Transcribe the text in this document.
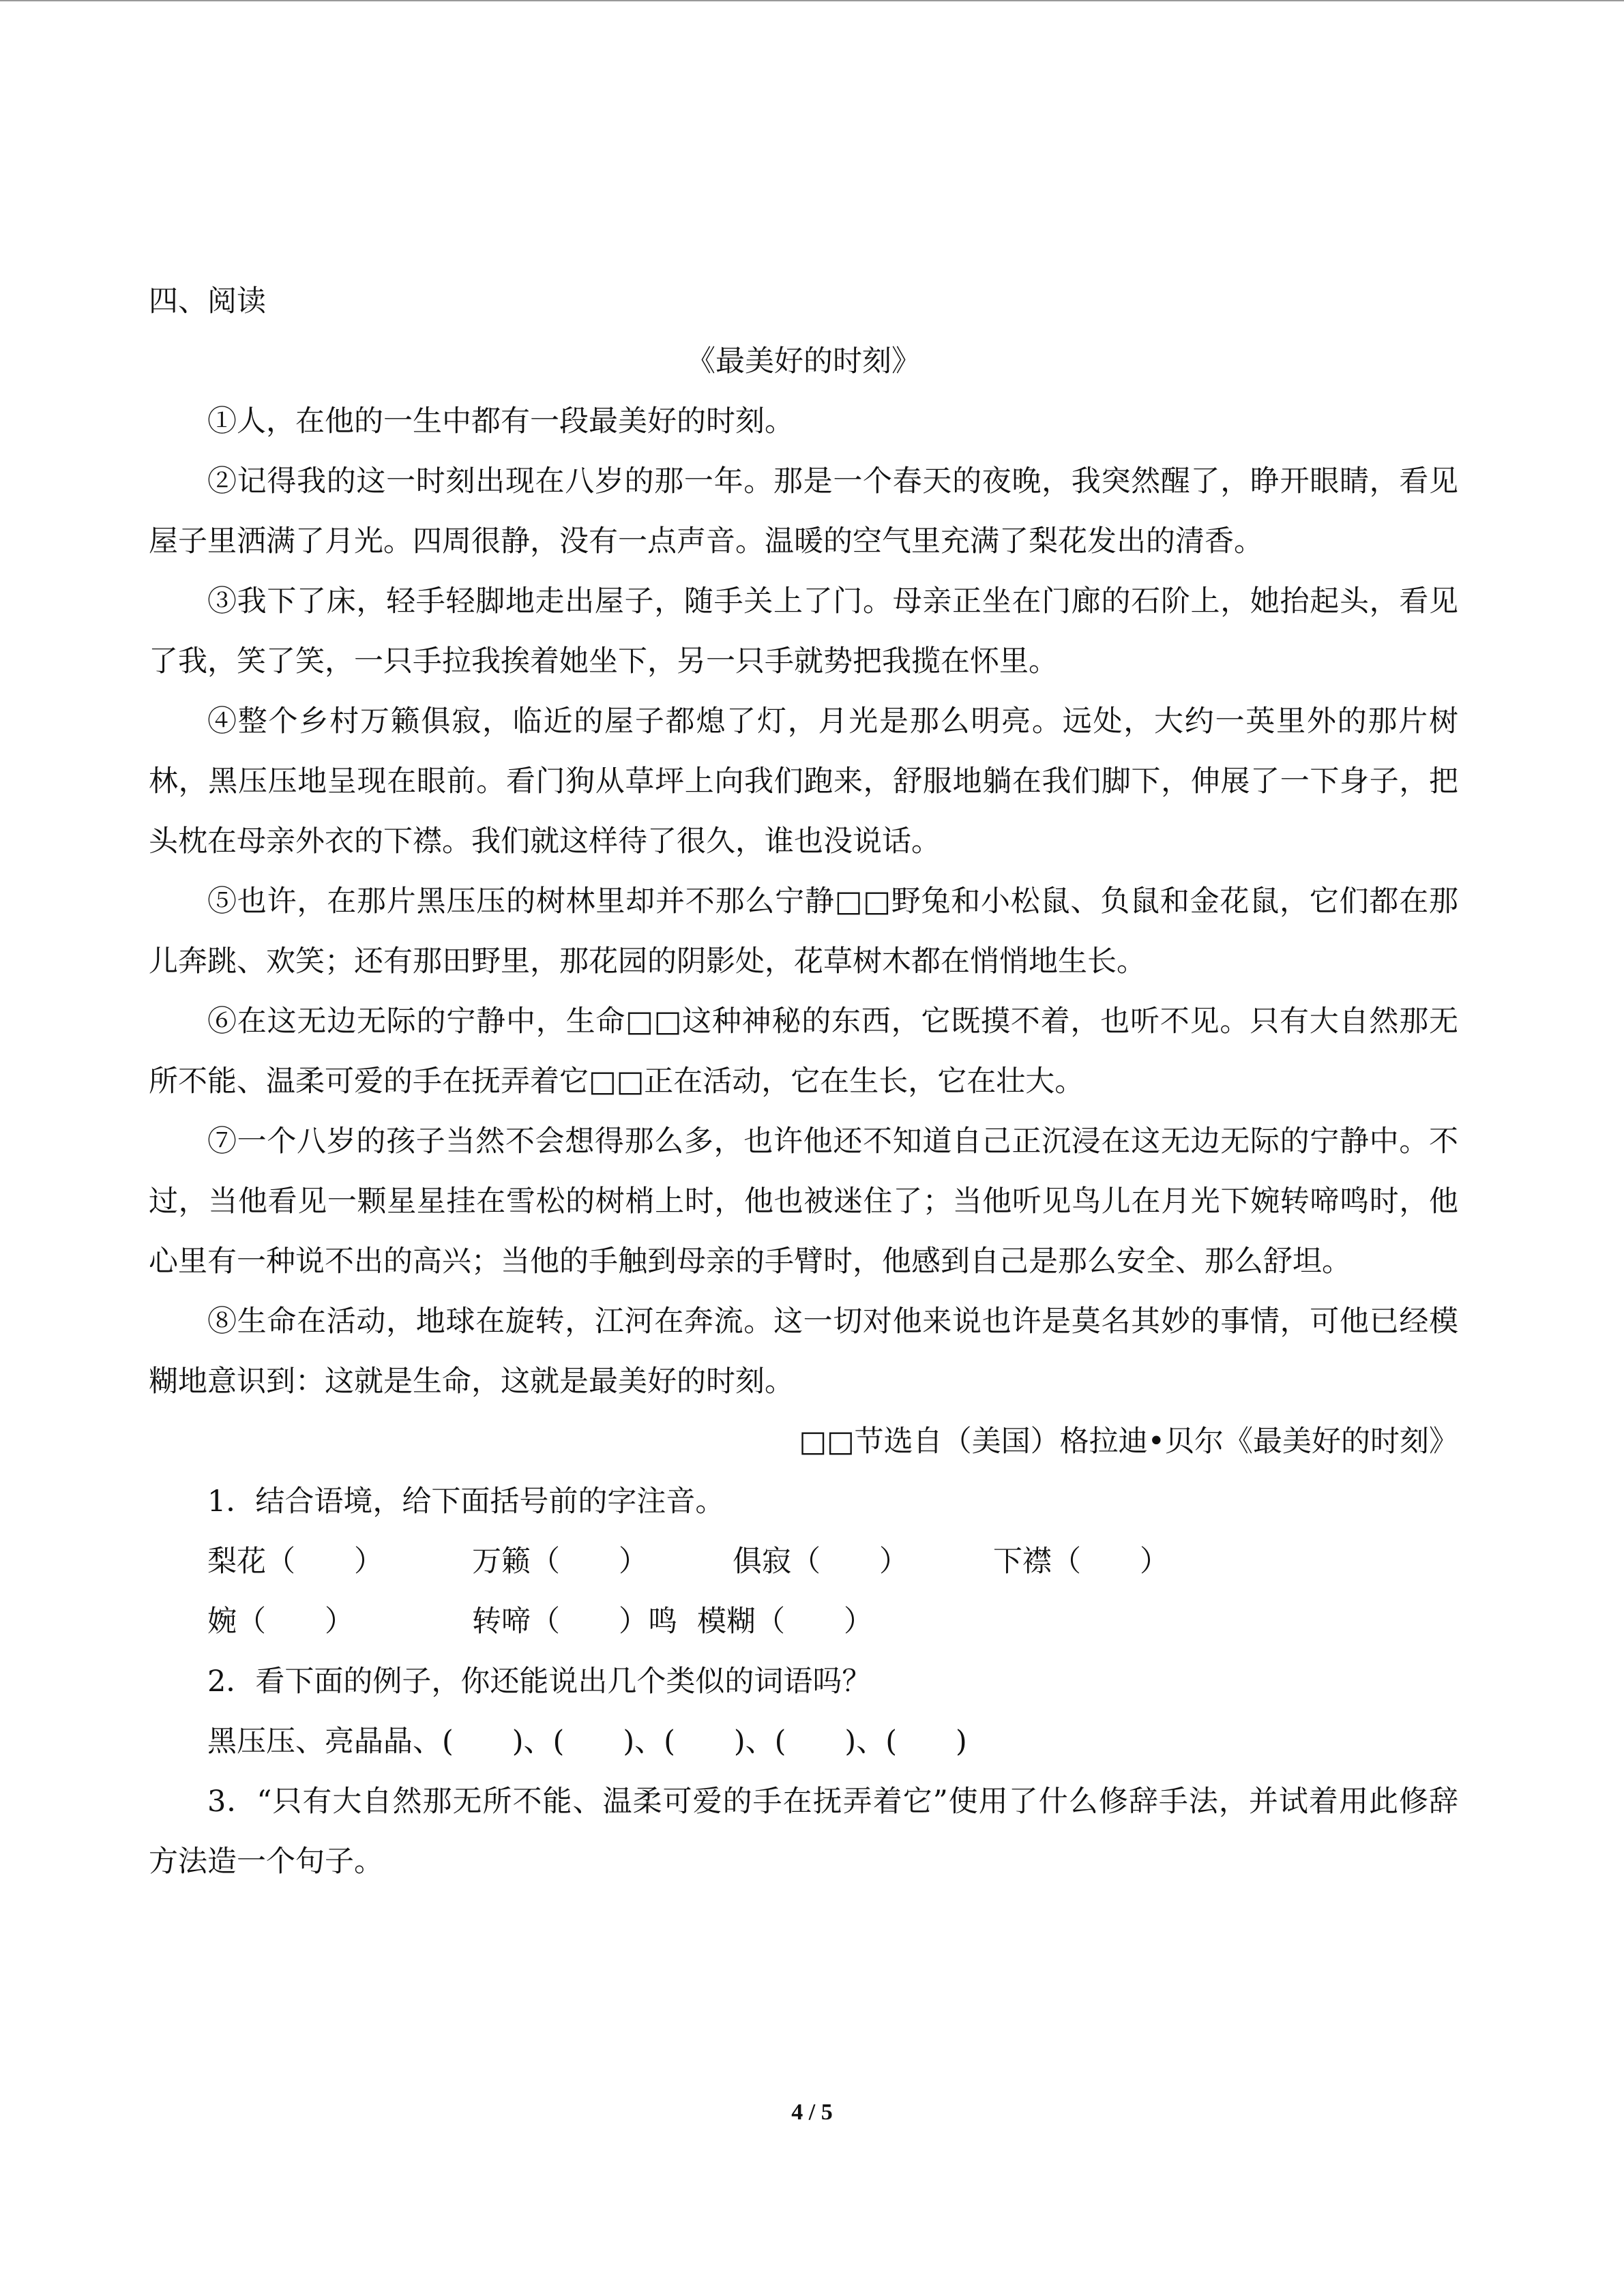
四、阅读
《最美好的时刻》

①人，在他的一生中都有一段最美好的时刻。

②记得我的这一时刻出现在八岁的那一年。那是一个春天的夜晚，我突然醒了，睁开眼睛，看见屋子里洒满了月光。四周很静，没有一点声音。温暖的空气里充满了梨花发出的清香。

③我下了床，轻手轻脚地走出屋子，随手关上了门。母亲正坐在门廊的石阶上，她抬起头，看见了我，笑了笑，一只手拉我挨着她坐下，另一只手就势把我揽在怀里。

④整个乡村万籁俱寂，临近的屋子都熄了灯，月光是那么明亮。远处，大约一英里外的那片树林，黑压压地呈现在眼前。看门狗从草坪上向我们跑来，舒服地躺在我们脚下，伸展了一下身子，把头枕在母亲外衣的下襟。我们就这样待了很久，谁也没说话。

⑤也许，在那片黑压压的树林里却并不那么宁静□□野兔和小松鼠、负鼠和金花鼠，它们都在那儿奔跳、欢笑；还有那田野里，那花园的阴影处，花草树木都在悄悄地生长。

⑥在这无边无际的宁静中，生命□□这种神秘的东西，它既摸不着，也听不见。只有大自然那无所不能、温柔可爱的手在抚弄着它□□正在活动，它在生长，它在壮大。

⑦一个八岁的孩子当然不会想得那么多，也许他还不知道自己正沉浸在这无边无际的宁静中。不过，当他看见一颗星星挂在雪松的树梢上时，他也被迷住了；当他听见鸟儿在月光下婉转啼鸣时，他心里有一种说不出的高兴；当他的手触到母亲的手臂时，他感到自己是那么安全、那么舒坦。

⑧生命在活动，地球在旋转，江河在奔流。这一切对他来说也许是莫名其妙的事情，可他已经模糊地意识到：这就是生命，这就是最美好的时刻。

□□节选自（美国）格拉迪•贝尔《最美好的时刻》

1．结合语境，给下面括号前的字注音。

梨花（　　）	万籁（　　）	俱寂（　　）	下襟（　　）
婉（　　）	转啼（　　）鸣 模糊（　　）

2．看下面的例子，你还能说出几个类似的词语吗？

黑压压、亮晶晶、(　　)、(　　)、(　　)、(　　)、(　　)

3．“只有大自然那无所不能、温柔可爱的手在抚弄着它”使用了什么修辞手法，并试着用此修辞方法造一个句子。

4 / 5
